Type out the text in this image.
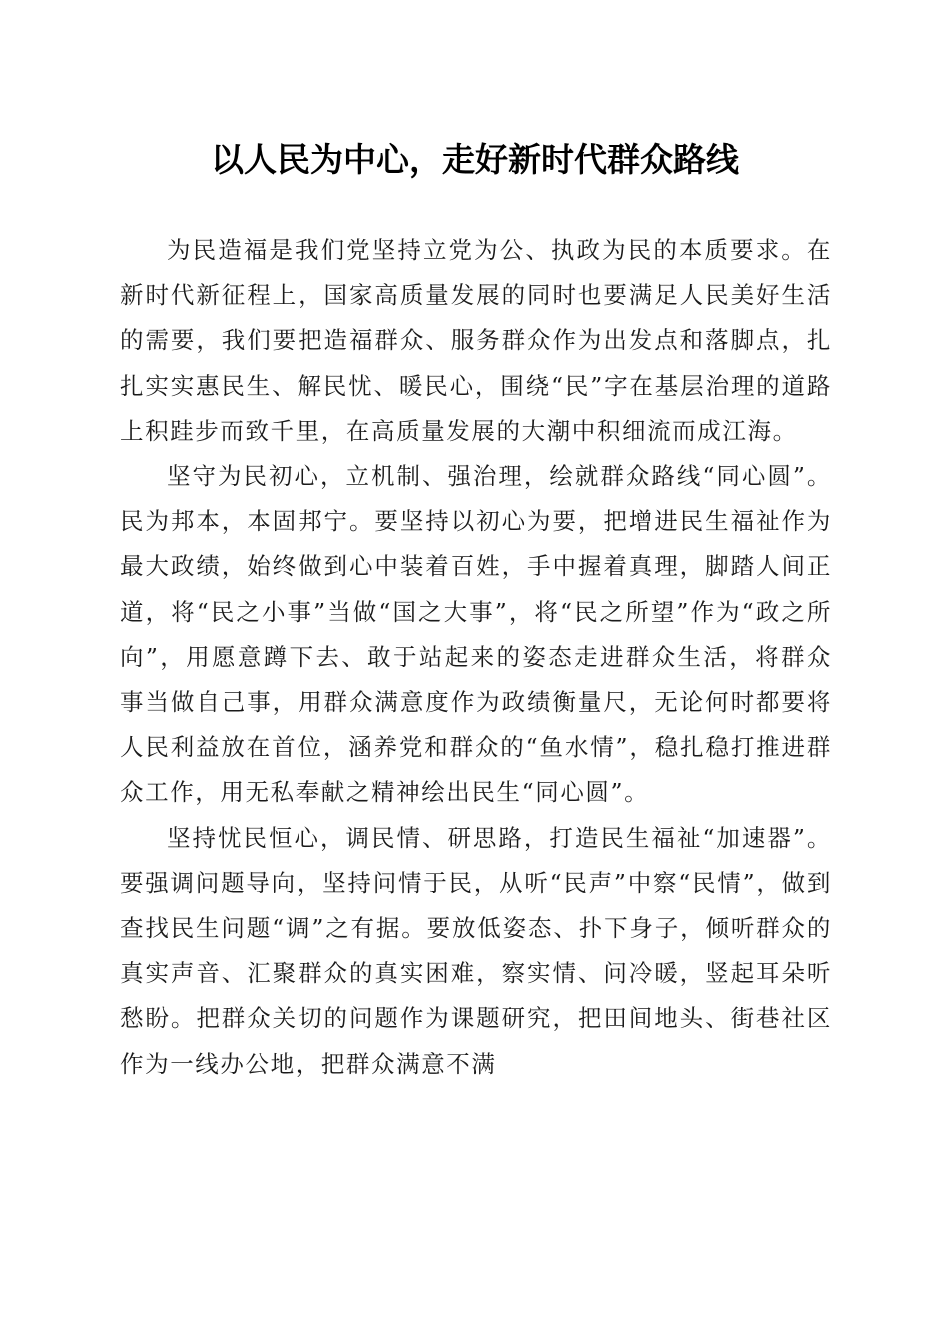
以人民为中心，走好新时代群众路线

为民造福是我们党坚持立党为公、执政为民的本质要求。在新时代新征程上，国家高质量发展的同时也要满足人民美好生活的需要，我们要把造福群众、服务群众作为出发点和落脚点，扎扎实实惠民生、解民忧、暖民心，围绕“民”字在基层治理的道路上积跬步而致千里，在高质量发展的大潮中积细流而成江海。

坚守为民初心，立机制、强治理，绘就群众路线“同心圆”。民为邦本，本固邦宁。要坚持以初心为要，把增进民生福祉作为最大政绩，始终做到心中装着百姓，手中握着真理，脚踏人间正道，将“民之小事”当做“国之大事”，将“民之所望”作为“政之所向”，用愿意蹲下去、敢于站起来的姿态走进群众生活，将群众事当做自己事，用群众满意度作为政绩衡量尺，无论何时都要将人民利益放在首位，涵养党和群众的“鱼水情”，稳扎稳打推进群众工作，用无私奉献之精神绘出民生“同心圆”。

坚持忧民恒心，调民情、研思路，打造民生福祉“加速器”。要强调问题导向，坚持问情于民，从听“民声”中察“民情”，做到查找民生问题“调”之有据。要放低姿态、扑下身子，倾听群众的真实声音、汇聚群众的真实困难，察实情、问冷暖，竖起耳朵听愁盼。把群众关切的问题作为课题研究，把田间地头、街巷社区作为一线办公地，把群众满意不满
